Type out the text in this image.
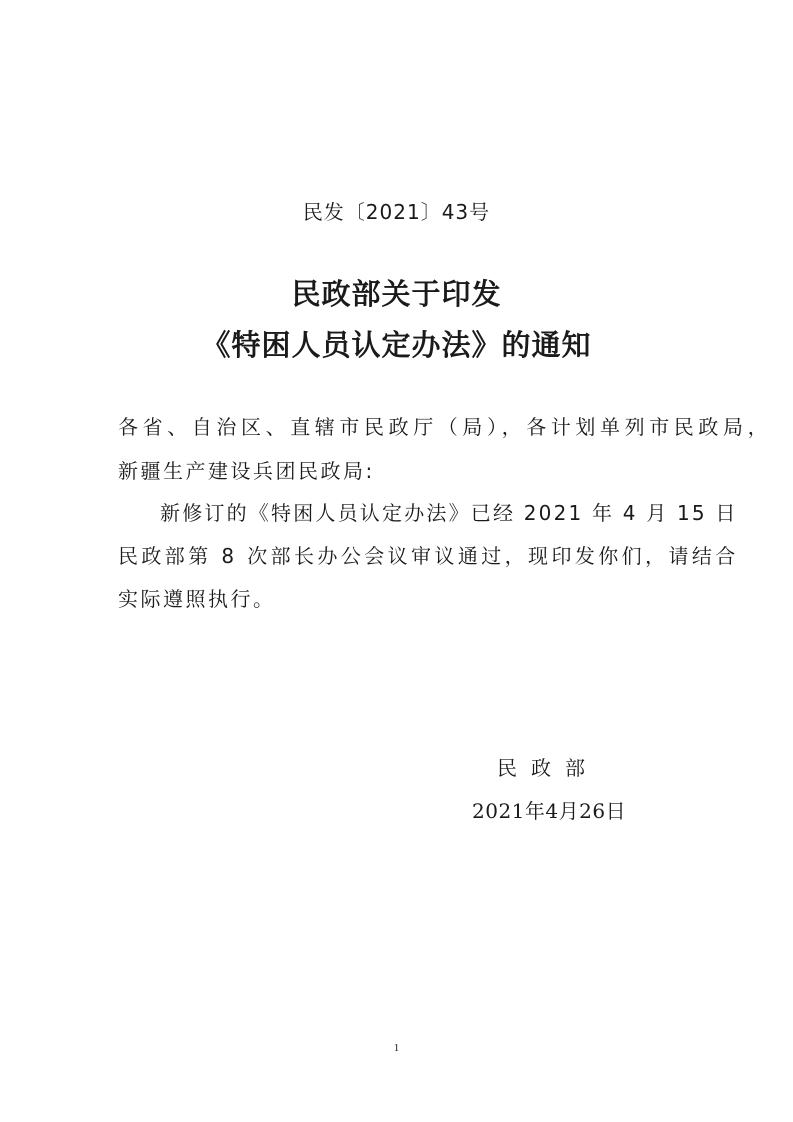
民发〔2021〕43号
民政部关于印发
《特困人员认定办法》的通知
各省、自治区、直辖市民政厅（局），各计划单列市民政局，
新疆生产建设兵团民政局:
新修订的《特困人员认定办法》已经 2021 年 4 月 15 日
民政部第 8 次部长办公会议审议通过，现印发你们，请结合
实际遵照执行。
民政部
2021年4月26日
1
